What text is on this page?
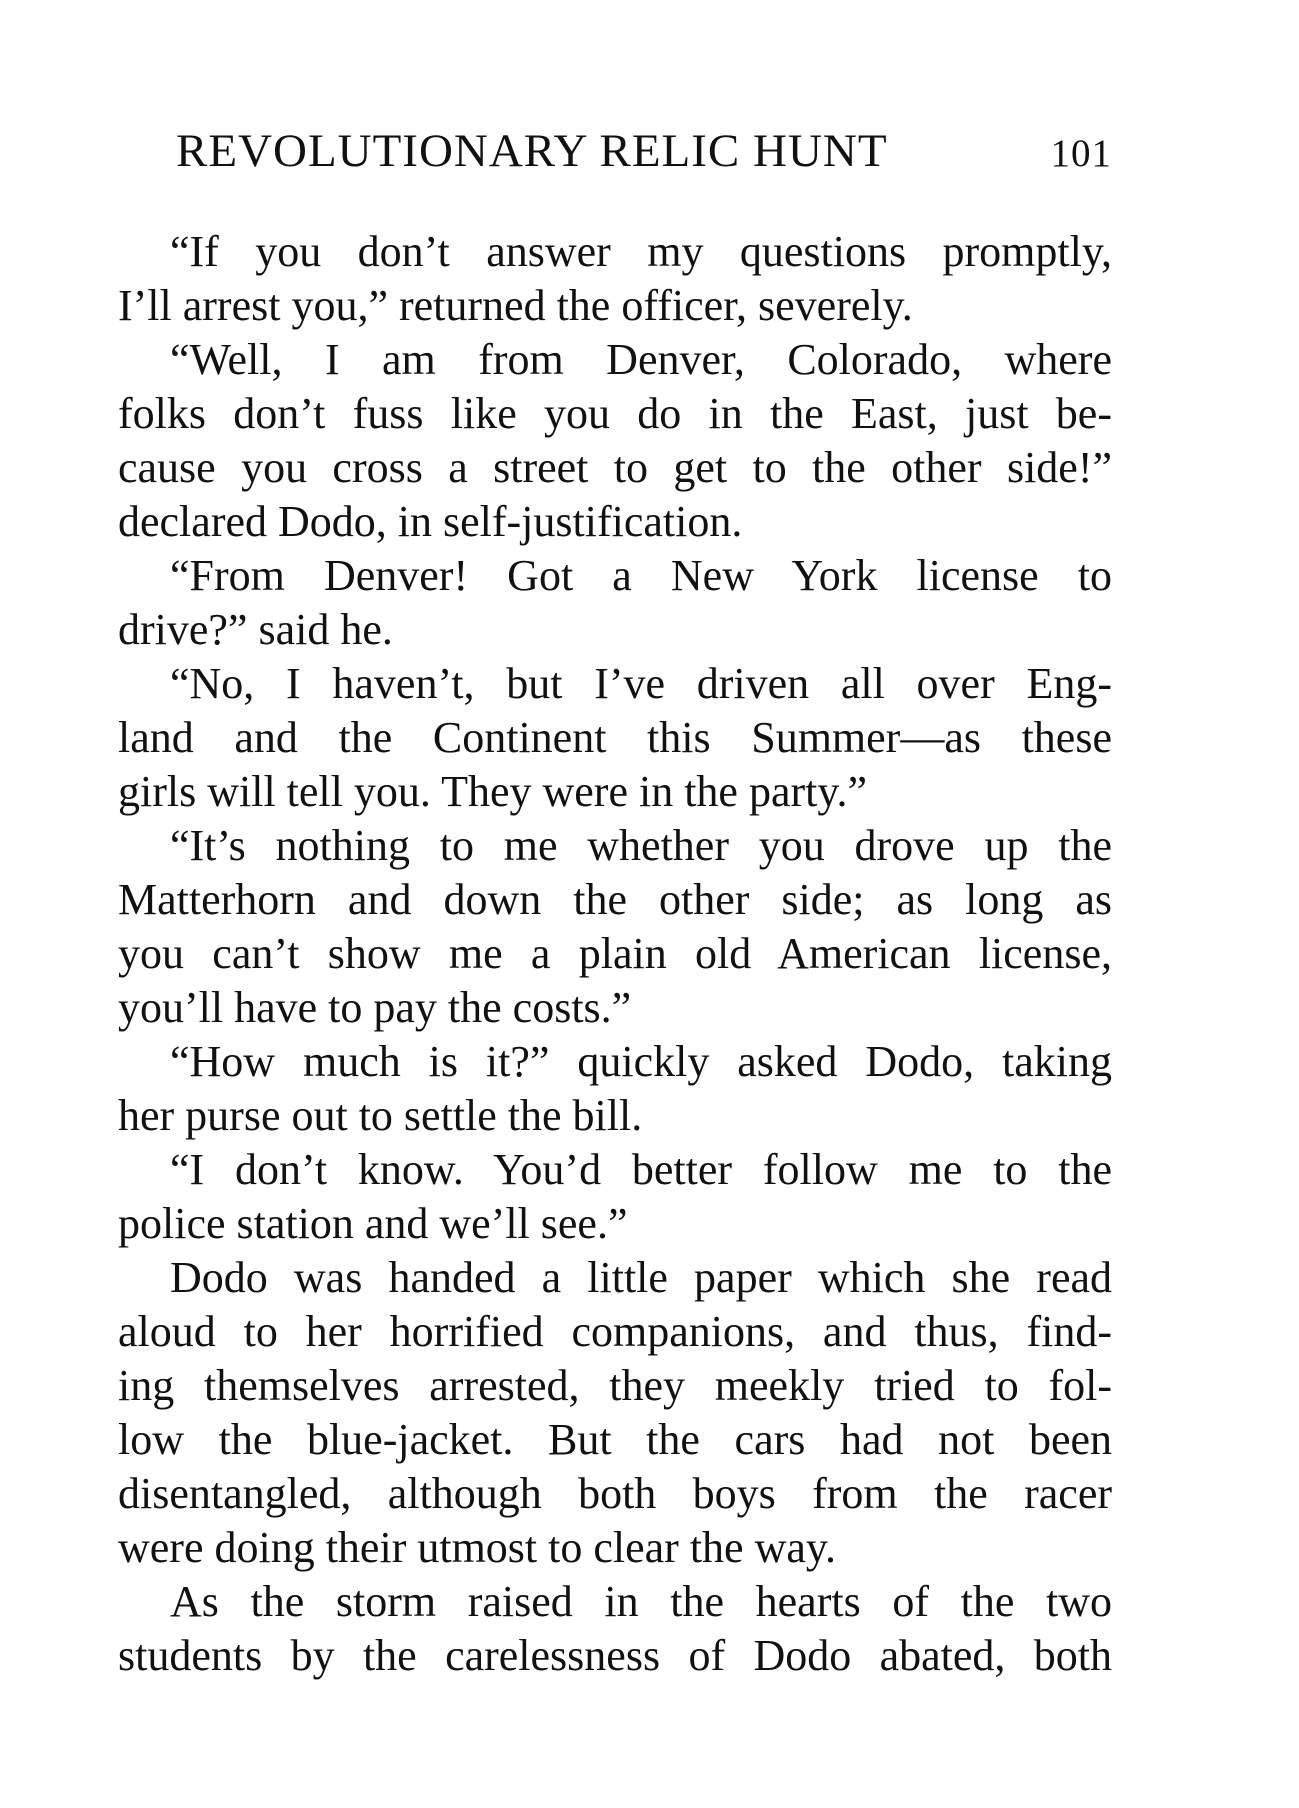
REVOLUTIONARY RELIC HUNT	101

“If you don’t answer my questions promptly,
I’ll arrest you,” returned the officer, severely.

“Well, I am from Denver, Colorado, where
folks don’t fuss like you do in the East, just be-
cause you cross a street to get to the other side!”
declared Dodo, in self-justification.

“From Denver! Got a New York license to
drive?” said he.

“No, I haven’t, but I’ve driven all over Eng-
land and the Continent this Summer—as these
girls will tell you. They were in the party.”

“It’s nothing to me whether you drove up the
Matterhorn and down the other side; as long as
you can’t show me a plain old American license,
you’ll have to pay the costs.”

“How much is it?” quickly asked Dodo, taking
her purse out to settle the bill.

“I don’t know. You’d better follow me to the
police station and we’ll see.”

Dodo was handed a little paper which she read
aloud to her horrified companions, and thus, find-
ing themselves arrested, they meekly tried to fol-
low the blue-jacket. But the cars had not been
disentangled, although both boys from the racer
were doing their utmost to clear the way.

As the storm raised in the hearts of the two
students by the carelessness of Dodo abated, both
